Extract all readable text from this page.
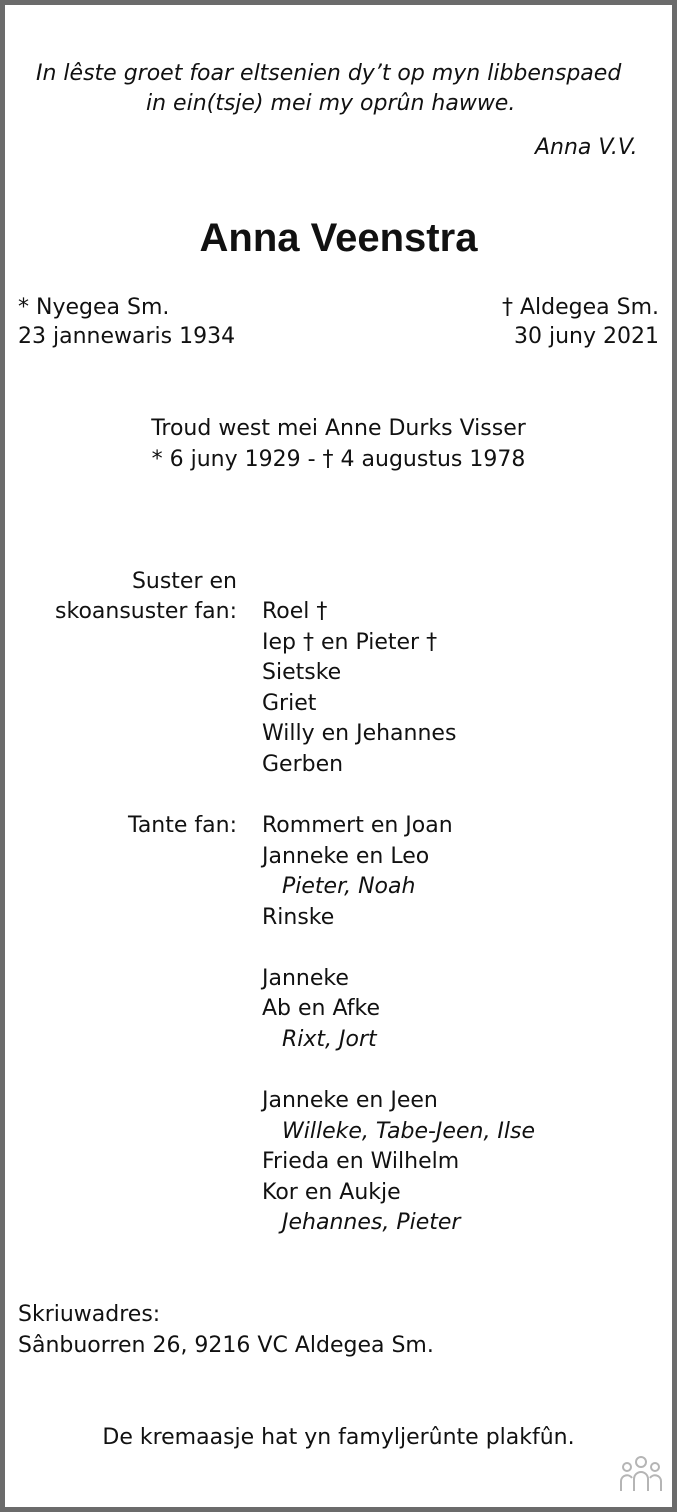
In lêste groet foar eltsenien dy’t op myn libbenspaed
in ein(tsje) mei my oprûn hawwe.
Anna V.V.
Anna Veenstra
* Nyegea Sm.
23 jannewaris 1934
† Aldegea Sm.
30 juny 2021
Troud west mei Anne Durks Visser
* 6 juny 1929 - † 4 augustus 1978
Suster en
skoansuster fan: Roel †
Iep † en Pieter †
Sietske
Griet
Willy en Jehannes
Gerben
Tante fan: Rommert en Joan
Janneke en Leo
Pieter, Noah
Rinske
Janneke
Ab en Afke
Rixt, Jort
Janneke en Jeen
Willeke, Tabe-Jeen, Ilse
Frieda en Wilhelm
Kor en Aukje
Jehannes, Pieter
Skriuwadres:
Sânbuorren 26, 9216 VC Aldegea Sm.
De kremaasje hat yn famyljerûnte plakfûn.
